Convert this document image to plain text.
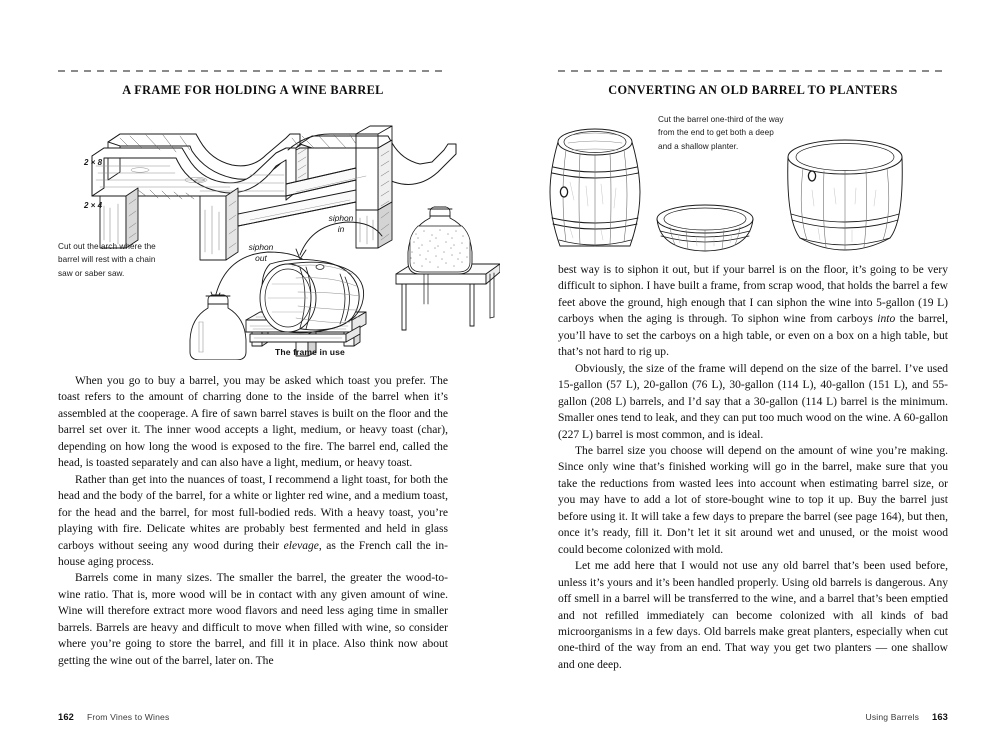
A FRAME FOR HOLDING A WINE BARREL
2 × 8
2 × 4
Cut out the arch where the
barrel will rest with a chain
saw or saber saw.
siphon
in
siphon
out
The frame in use

When you go to buy a barrel, you may be asked which toast you prefer. The toast refers to the amount of charring done to the inside of the barrel when it’s assembled at the cooperage. A fire of sawn barrel staves is built on the floor and the barrel set over it. The inner wood accepts a light, medium, or heavy toast (char), depending on how long the wood is exposed to the fire. The barrel end, called the head, is toasted separately and can also have a light, medium, or heavy toast.

Rather than get into the nuances of toast, I recommend a light toast, for both the head and the body of the barrel, for a white or lighter red wine, and a medium toast, for the head and the barrel, for most full-bodied reds. With a heavy toast, you’re playing with fire. Delicate whites are probably best fermented and held in glass carboys without seeing any wood during their elevage, as the French call the in-house aging process.

Barrels come in many sizes. The smaller the barrel, the greater the wood-to-wine ratio. That is, more wood will be in contact with any given amount of wine. Wine will therefore extract more wood flavors and need less aging time in smaller barrels. Barrels are heavy and difficult to move when filled with wine, so consider where you’re going to store the barrel, and fill it in place. Also think now about getting the wine out of the barrel, later on. The

162 From Vines to Wines
CONVERTING AN OLD BARREL TO PLANTERS
Cut the barrel one-third of the way
from the end to get both a deep
and a shallow planter.

best way is to siphon it out, but if your barrel is on the floor, it’s going to be very difficult to siphon. I have built a frame, from scrap wood, that holds the barrel a few feet above the ground, high enough that I can siphon the wine into 5-gallon (19 L) carboys when the aging is through. To siphon wine from carboys into the barrel, you’ll have to set the carboys on a high table, or even on a box on a high table, but that’s not hard to rig up.

Obviously, the size of the frame will depend on the size of the barrel. I’ve used 15-gallon (57 L), 20-gallon (76 L), 30-gallon (114 L), 40-gallon (151 L), and 55-gallon (208 L) barrels, and I’d say that a 30-gallon (114 L) barrel is the minimum. Smaller ones tend to leak, and they can put too much wood on the wine. A 60-gallon (227 L) barrel is most common, and is ideal.

The barrel size you choose will depend on the amount of wine you’re making. Since only wine that’s finished working will go in the barrel, make sure that you take the reductions from wasted lees into account when estimating barrel size, or you may have to add a lot of store-bought wine to top it up. Buy the barrel just before using it. It will take a few days to prepare the barrel (see page 164), but then, once it’s ready, fill it. Don’t let it sit around wet and unused, or the moist wood could become colonized with mold.

Let me add here that I would not use any old barrel that’s been used before, unless it’s yours and it’s been handled properly. Using old barrels is dangerous. Any off smell in a barrel will be transferred to the wine, and a barrel that’s been emptied and not refilled immediately can become colonized with all kinds of bad microorganisms in a few days. Old barrels make great planters, especially when cut one-third of the way from an end. That way you get two planters — one shallow and one deep.

Using Barrels 163
